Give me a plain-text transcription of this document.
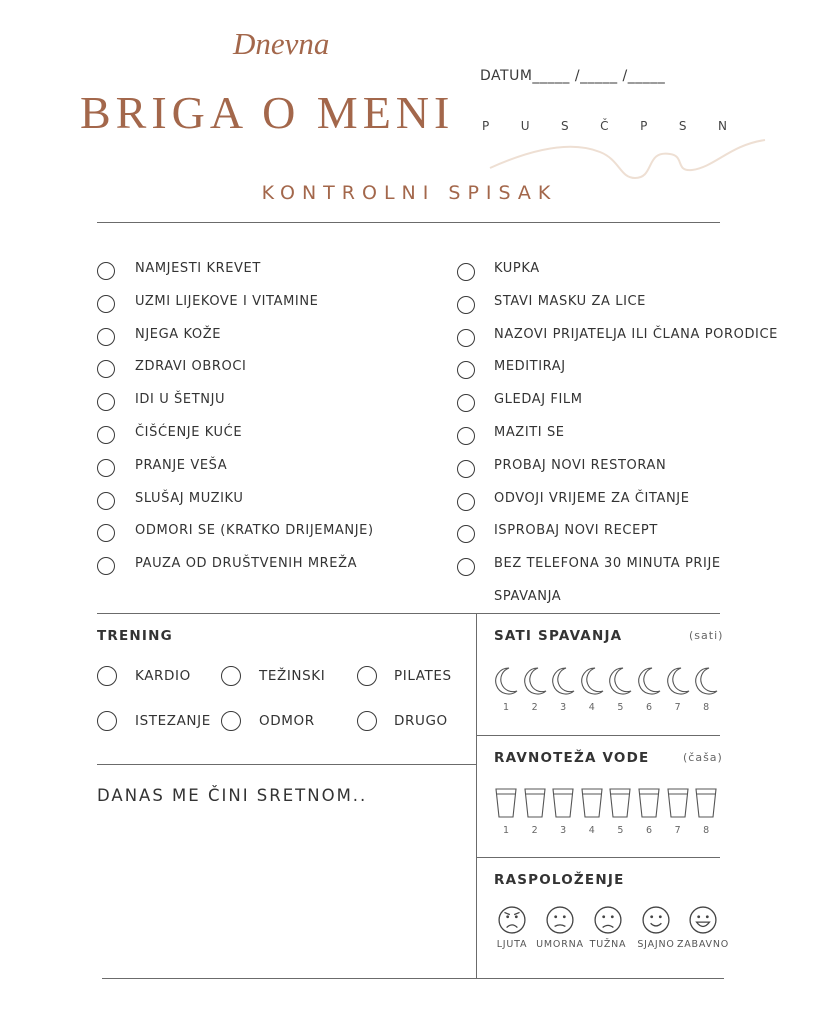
Dnevna
BRIGA O MENI
DATUM_____ /_____ /_____
P	U	S	Č	P	S	N
KONTROLNI SPISAK
NAMJESTI KREVET
UZMI LIJEKOVE I VITAMINE
NJEGA KOŽE
ZDRAVI OBROCI
IDI U ŠETNJU
ČIŠĆENJE KUĆE
PRANJE VEŠA
SLUŠAJ MUZIKU
ODMORI SE (KRATKO DRIJEMANJE)
PAUZA OD DRUŠTVENIH MREŽA
KUPKA
STAVI MASKU ZA LICE
NAZOVI PRIJATELJA ILI ČLANA PORODICE
MEDITIRAJ
GLEDAJ FILM
MAZITI SE
PROBAJ NOVI RESTORAN
ODVOJI VRIJEME ZA ČITANJE
ISPROBAJ NOVI RECEPT
BEZ TELEFONA 30 MINUTA PRIJE
SPAVANJA
TRENING
KARDIO	TEŽINSKI	PILATES
ISTEZANJE	ODMOR	DRUGO
DANAS ME ČINI SRETNOM..
SATI SPAVANJA	(sati)
1	2	3	4	5	6	7	8
RAVNOTEŽA VODE	(čaša)
1	2	3	4	5	6	7	8
RASPOLOŽENJE
LJUTA UMORNA TUŽNA	SJAJNO ZABAVNO
